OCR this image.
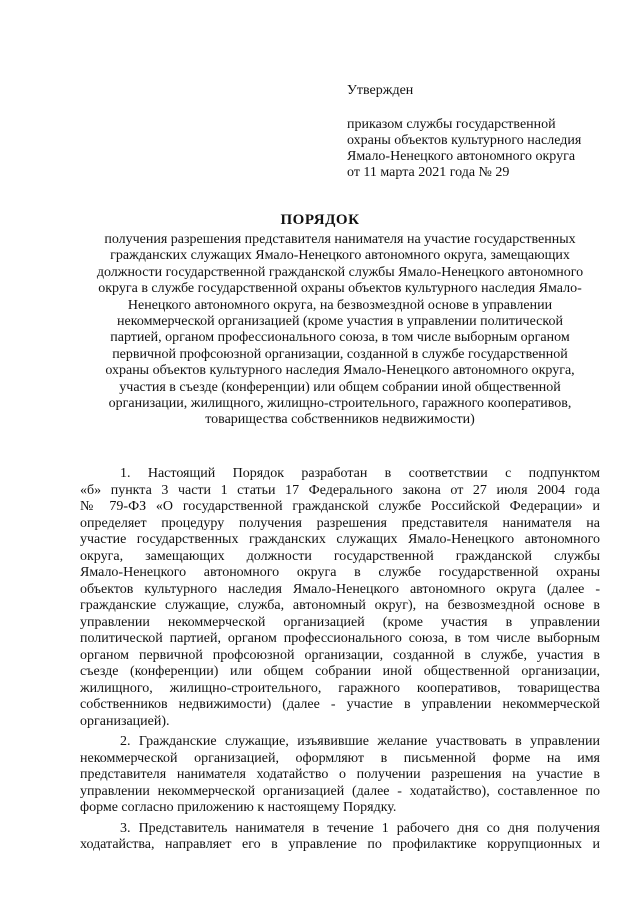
Утвержден
приказом службы государственной
охраны объектов культурного наследия
Ямало-Ненецкого автономного округа
от 11 марта 2021 года № 29
ПОРЯДОК
получения разрешения представителя нанимателя на участие государственных
гражданских служащих Ямало-Ненецкого автономного округа, замещающих
должности государственной гражданской службы Ямало-Ненецкого автономного
округа в службе государственной охраны объектов культурного наследия Ямало-
Ненецкого автономного округа, на безвозмездной основе в управлении
некоммерческой организацией (кроме участия в управлении политической
партией, органом профессионального союза, в том числе выборным органом
первичной профсоюзной организации, созданной в службе государственной
охраны объектов культурного наследия Ямало-Ненецкого автономного округа,
участия в съезде (конференции) или общем собрании иной общественной
организации, жилищного, жилищно-строительного, гаражного кооперативов,
товарищества собственников недвижимости)
1. Настоящий Порядок разработан в соответствии с подпунктом
«б» пункта 3 части 1 статьи 17 Федерального закона от 27 июля 2004 года
№ 79-ФЗ «О государственной гражданской службе Российской Федерации» и
определяет процедуру получения разрешения представителя нанимателя на
участие государственных гражданских служащих Ямало-Ненецкого автономного
округа, замещающих должности государственной гражданской службы
Ямало-Ненецкого автономного округа в службе государственной охраны
объектов культурного наследия Ямало-Ненецкого автономного округа (далее -
гражданские служащие, служба, автономный округ), на безвозмездной основе в
управлении некоммерческой организацией (кроме участия в управлении
политической партией, органом профессионального союза, в том числе выборным
органом первичной профсоюзной организации, созданной в службе, участия в
съезде (конференции) или общем собрании иной общественной организации,
жилищного, жилищно-строительного, гаражного кооперативов, товарищества
собственников недвижимости) (далее - участие в управлении некоммерческой
организацией).
2. Гражданские служащие, изъявившие желание участвовать в управлении
некоммерческой организацией, оформляют в письменной форме на имя
представителя нанимателя ходатайство о получении разрешения на участие в
управлении некоммерческой организацией (далее - ходатайство), составленное по
форме согласно приложению к настоящему Порядку.
3. Представитель нанимателя в течение 1 рабочего дня со дня получения
ходатайства, направляет его в управление по профилактике коррупционных и
